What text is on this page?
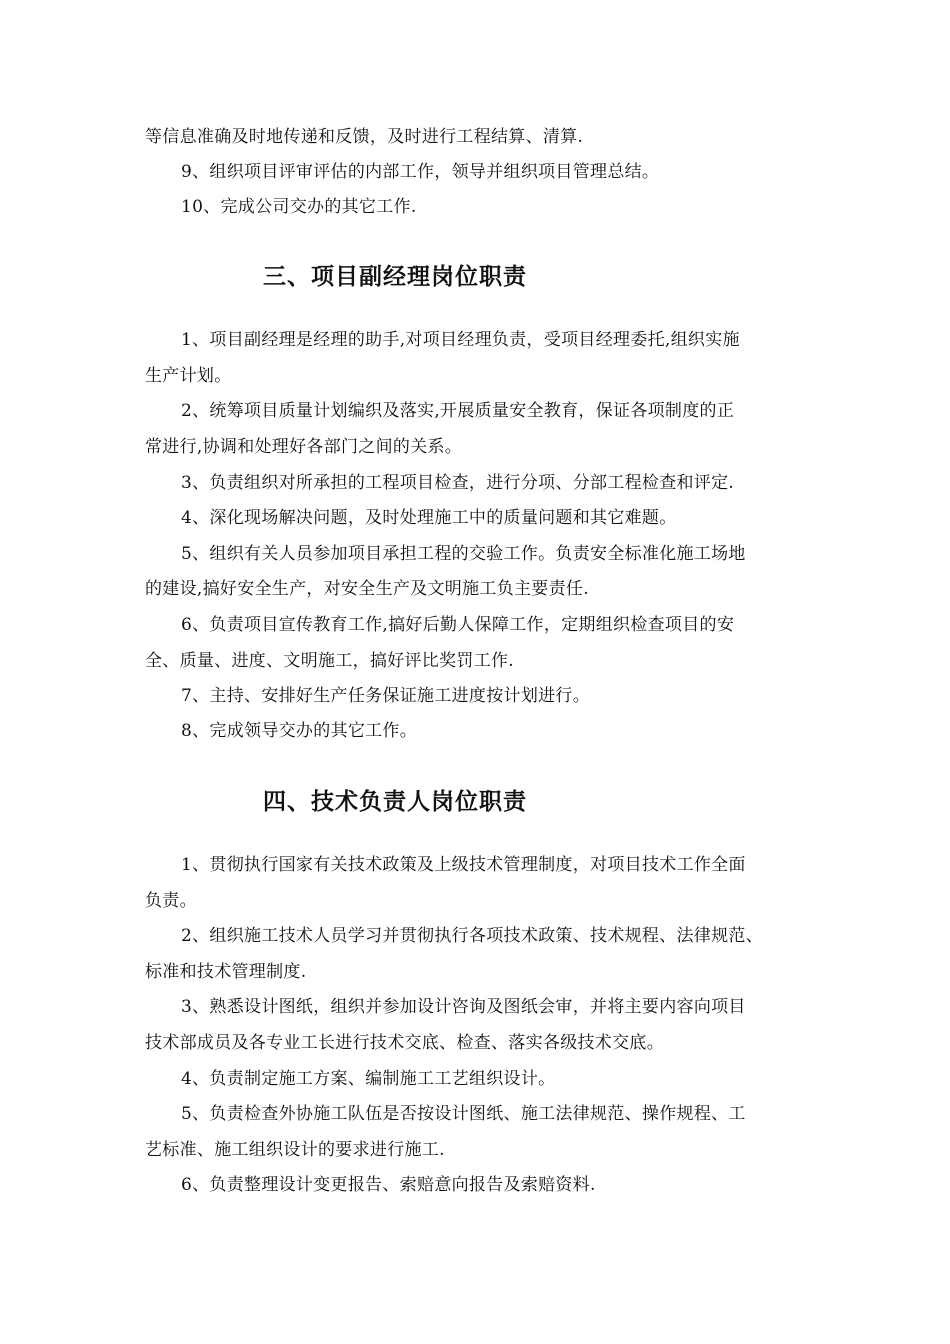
等信息准确及时地传递和反馈，及时进行工程结算、清算.
9、组织项目评审评估的内部工作，领导并组织项目管理总结。
10、完成公司交办的其它工作.
三、项目副经理岗位职责
1、项目副经理是经理的助手,对项目经理负责，受项目经理委托,组织实施
生产计划。
2、统筹项目质量计划编织及落实,开展质量安全教育，保证各项制度的正
常进行,协调和处理好各部门之间的关系。
3、负责组织对所承担的工程项目检查，进行分项、分部工程检查和评定.
4、深化现场解决问题，及时处理施工中的质量问题和其它难题。
5、组织有关人员参加项目承担工程的交验工作。负责安全标准化施工场地
的建设,搞好安全生产，对安全生产及文明施工负主要责任.
6、负责项目宣传教育工作,搞好后勤人保障工作，定期组织检查项目的安
全、质量、进度、文明施工，搞好评比奖罚工作.
7、主持、安排好生产任务保证施工进度按计划进行。
8、完成领导交办的其它工作。
四、技术负责人岗位职责
1、贯彻执行国家有关技术政策及上级技术管理制度，对项目技术工作全面
负责。
2、组织施工技术人员学习并贯彻执行各项技术政策、技术规程、法律规范、
标准和技术管理制度.
3、熟悉设计图纸，组织并参加设计咨询及图纸会审，并将主要内容向项目
技术部成员及各专业工长进行技术交底、检查、落实各级技术交底。
4、负责制定施工方案、编制施工工艺组织设计。
5、负责检查外协施工队伍是否按设计图纸、施工法律规范、操作规程、工
艺标准、施工组织设计的要求进行施工.
6、负责整理设计变更报告、索赔意向报告及索赔资料.
